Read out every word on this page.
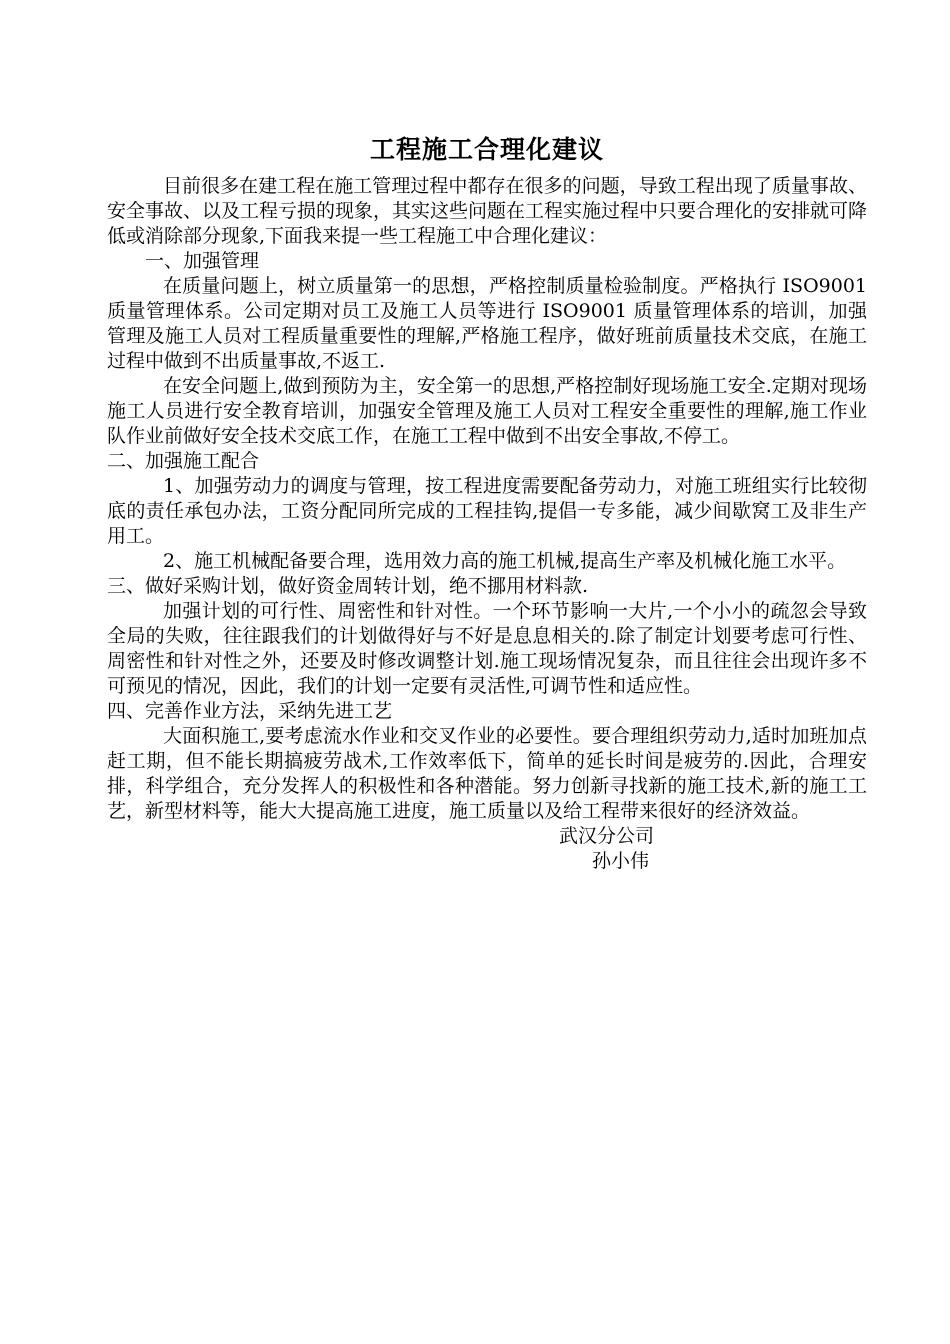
工程施工合理化建议

目前很多在建工程在施工管理过程中都存在很多的问题，导致工程出现了质量事故、安全事故、以及工程亏损的现象，其实这些问题在工程实施过程中只要合理化的安排就可降低或消除部分现象,下面我来提一些工程施工中合理化建议：

一、加强管理

在质量问题上，树立质量第一的思想，严格控制质量检验制度。严格执行 ISO9001 质量管理体系。公司定期对员工及施工人员等进行 ISO9001 质量管理体系的培训，加强管理及施工人员对工程质量重要性的理解,严格施工程序，做好班前质量技术交底，在施工过程中做到不出质量事故,不返工.

在安全问题上,做到预防为主，安全第一的思想,严格控制好现场施工安全.定期对现场施工人员进行安全教育培训，加强安全管理及施工人员对工程安全重要性的理解,施工作业队作业前做好安全技术交底工作，在施工工程中做到不出安全事故,不停工。

二、加强施工配合

1、加强劳动力的调度与管理，按工程进度需要配备劳动力，对施工班组实行比较彻底的责任承包办法，工资分配同所完成的工程挂钩,提倡一专多能，减少间歇窝工及非生产用工。

2、施工机械配备要合理，选用效力高的施工机械,提高生产率及机械化施工水平。

三、做好采购计划，做好资金周转计划，绝不挪用材料款.

加强计划的可行性、周密性和针对性。一个环节影响一大片,一个小小的疏忽会导致全局的失败，往往跟我们的计划做得好与不好是息息相关的.除了制定计划要考虑可行性、周密性和针对性之外，还要及时修改调整计划.施工现场情况复杂，而且往往会出现许多不可预见的情况，因此，我们的计划一定要有灵活性,可调节性和适应性。

四、完善作业方法，采纳先进工艺

大面积施工,要考虑流水作业和交叉作业的必要性。要合理组织劳动力,适时加班加点赶工期，但不能长期搞疲劳战术,工作效率低下，简单的延长时间是疲劳的.因此，合理安排，科学组合，充分发挥人的积极性和各种潜能。努力创新寻找新的施工技术,新的施工工艺，新型材料等，能大大提高施工进度，施工质量以及给工程带来很好的经济效益。

武汉分公司

孙小伟
